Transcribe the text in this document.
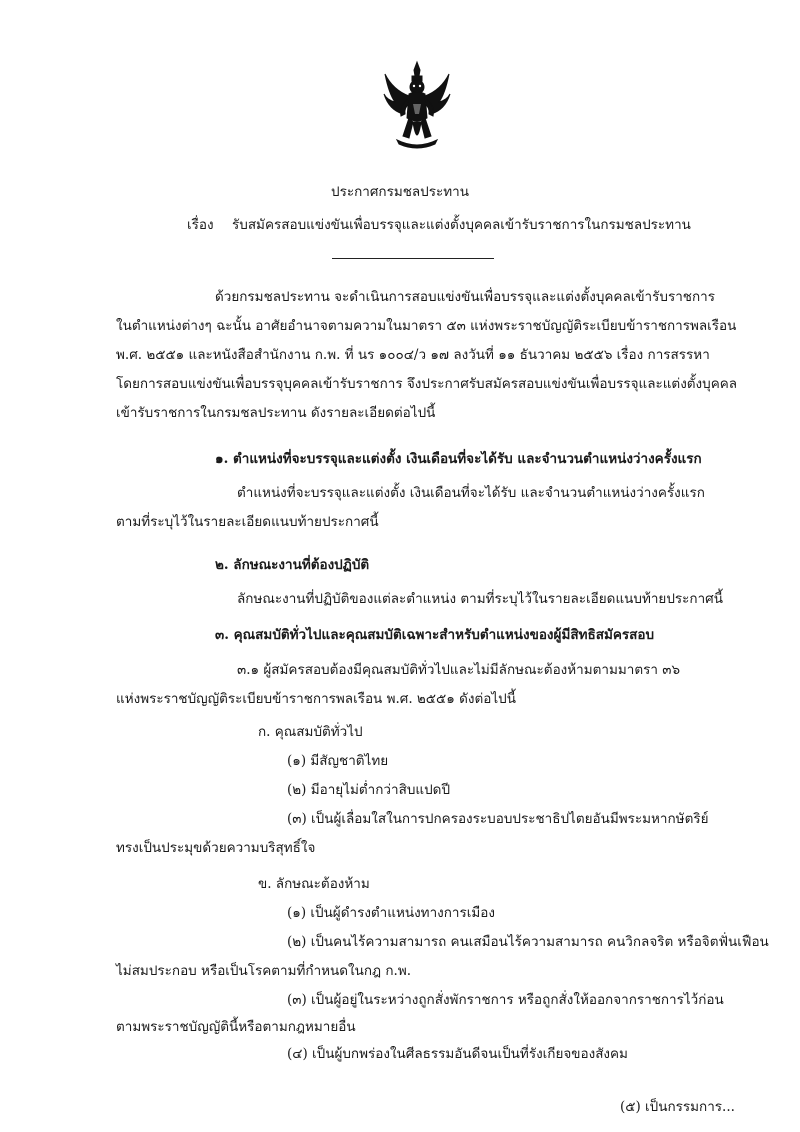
ประกาศกรมชลประทาน
เรื่อง รับสมัครสอบแข่งขันเพื่อบรรจุและแต่งตั้งบุคคลเข้ารับราชการในกรมชลประทาน
ด้วยกรมชลประทาน จะดำเนินการสอบแข่งขันเพื่อบรรจุและแต่งตั้งบุคคลเข้ารับราชการ
ในตำแหน่งต่างๆ ฉะนั้น อาศัยอำนาจตามความในมาตรา ๕๓ แห่งพระราชบัญญัติระเบียบข้าราชการพลเรือน
พ.ศ. ๒๕๕๑ และหนังสือสำนักงาน ก.พ. ที่ นร ๑๐๐๔/ว ๑๗ ลงวันที่ ๑๑ ธันวาคม ๒๕๕๖ เรื่อง การสรรหา
โดยการสอบแข่งขันเพื่อบรรจุบุคคลเข้ารับราชการ จึงประกาศรับสมัครสอบแข่งขันเพื่อบรรจุและแต่งตั้งบุคคล
เข้ารับราชการในกรมชลประทาน ดังรายละเอียดต่อไปนี้
๑. ตำแหน่งที่จะบรรจุและแต่งตั้ง เงินเดือนที่จะได้รับ และจำนวนตำแหน่งว่างครั้งแรก
ตำแหน่งที่จะบรรจุและแต่งตั้ง เงินเดือนที่จะได้รับ และจำนวนตำแหน่งว่างครั้งแรก
ตามที่ระบุไว้ในรายละเอียดแนบท้ายประกาศนี้
๒. ลักษณะงานที่ต้องปฏิบัติ
ลักษณะงานที่ปฏิบัติของแต่ละตำแหน่ง ตามที่ระบุไว้ในรายละเอียดแนบท้ายประกาศนี้
๓. คุณสมบัติทั่วไปและคุณสมบัติเฉพาะสำหรับตำแหน่งของผู้มีสิทธิสมัครสอบ
๓.๑ ผู้สมัครสอบต้องมีคุณสมบัติทั่วไปและไม่มีลักษณะต้องห้ามตามมาตรา ๓๖
แห่งพระราชบัญญัติระเบียบข้าราชการพลเรือน พ.ศ. ๒๕๕๑ ดังต่อไปนี้
ก. คุณสมบัติทั่วไป
(๑) มีสัญชาติไทย
(๒) มีอายุไม่ต่ำกว่าสิบแปดปี
(๓) เป็นผู้เลื่อมใสในการปกครองระบอบประชาธิปไตยอันมีพระมหากษัตริย์
ทรงเป็นประมุขด้วยความบริสุทธิ์ใจ
ข. ลักษณะต้องห้าม
(๑) เป็นผู้ดำรงตำแหน่งทางการเมือง
(๒) เป็นคนไร้ความสามารถ คนเสมือนไร้ความสามารถ คนวิกลจริต หรือจิตฟั่นเฟือน
ไม่สมประกอบ หรือเป็นโรคตามที่กำหนดในกฎ ก.พ.
(๓) เป็นผู้อยู่ในระหว่างถูกสั่งพักราชการ หรือถูกสั่งให้ออกจากราชการไว้ก่อน
ตามพระราชบัญญัตินี้หรือตามกฎหมายอื่น
(๔) เป็นผู้บกพร่องในศีลธรรมอันดีจนเป็นที่รังเกียจของสังคม
(๕) เป็นกรรมการ...
